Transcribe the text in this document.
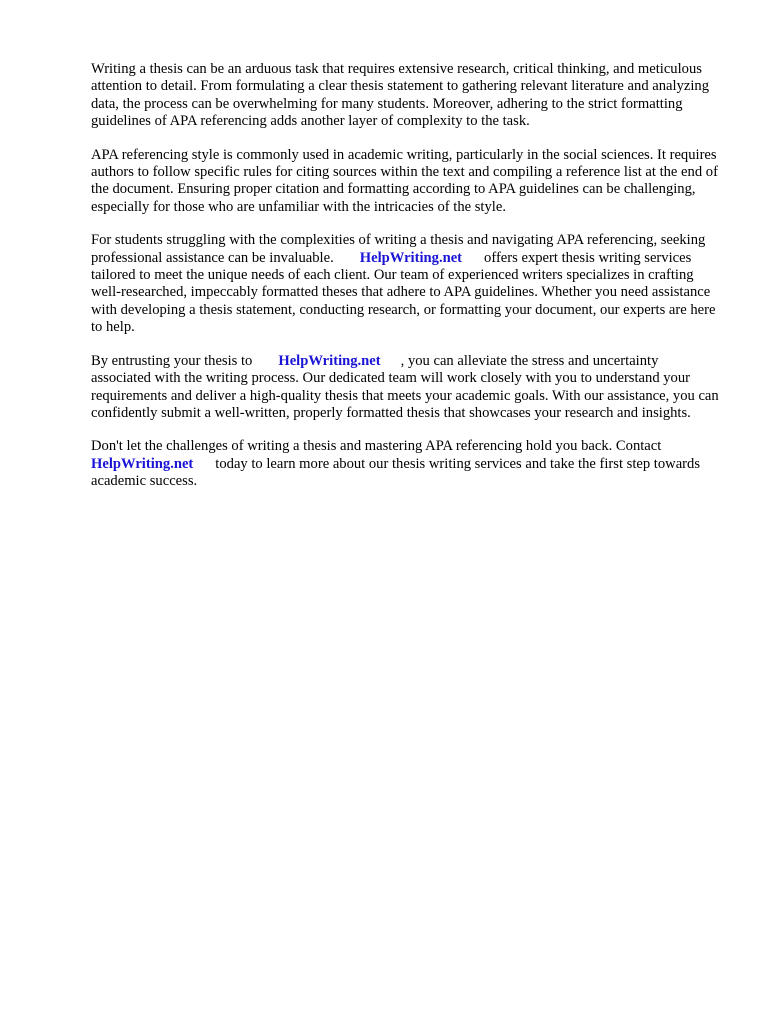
Writing a thesis can be an arduous task that requires extensive research, critical thinking, and meticulous attention to detail. From formulating a clear thesis statement to gathering relevant literature and analyzing data, the process can be overwhelming for many students. Moreover, adhering to the strict formatting guidelines of APA referencing adds another layer of complexity to the task.

APA referencing style is commonly used in academic writing, particularly in the social sciences. It requires authors to follow specific rules for citing sources within the text and compiling a reference list at the end of the document. Ensuring proper citation and formatting according to APA guidelines can be challenging, especially for those who are unfamiliar with the intricacies of the style.

For students struggling with the complexities of writing a thesis and navigating APA referencing, seeking professional assistance can be invaluable. HelpWriting.net offers expert thesis writing services tailored to meet the unique needs of each client. Our team of experienced writers specializes in crafting well-researched, impeccably formatted theses that adhere to APA guidelines. Whether you need assistance with developing a thesis statement, conducting research, or formatting your document, our experts are here to help.

By entrusting your thesis to HelpWriting.net , you can alleviate the stress and uncertainty associated with the writing process. Our dedicated team will work closely with you to understand your requirements and deliver a high-quality thesis that meets your academic goals. With our assistance, you can confidently submit a well-written, properly formatted thesis that showcases your research and insights.

Don't let the challenges of writing a thesis and mastering APA referencing hold you back. Contact HelpWriting.net today to learn more about our thesis writing services and take the first step towards academic success.
